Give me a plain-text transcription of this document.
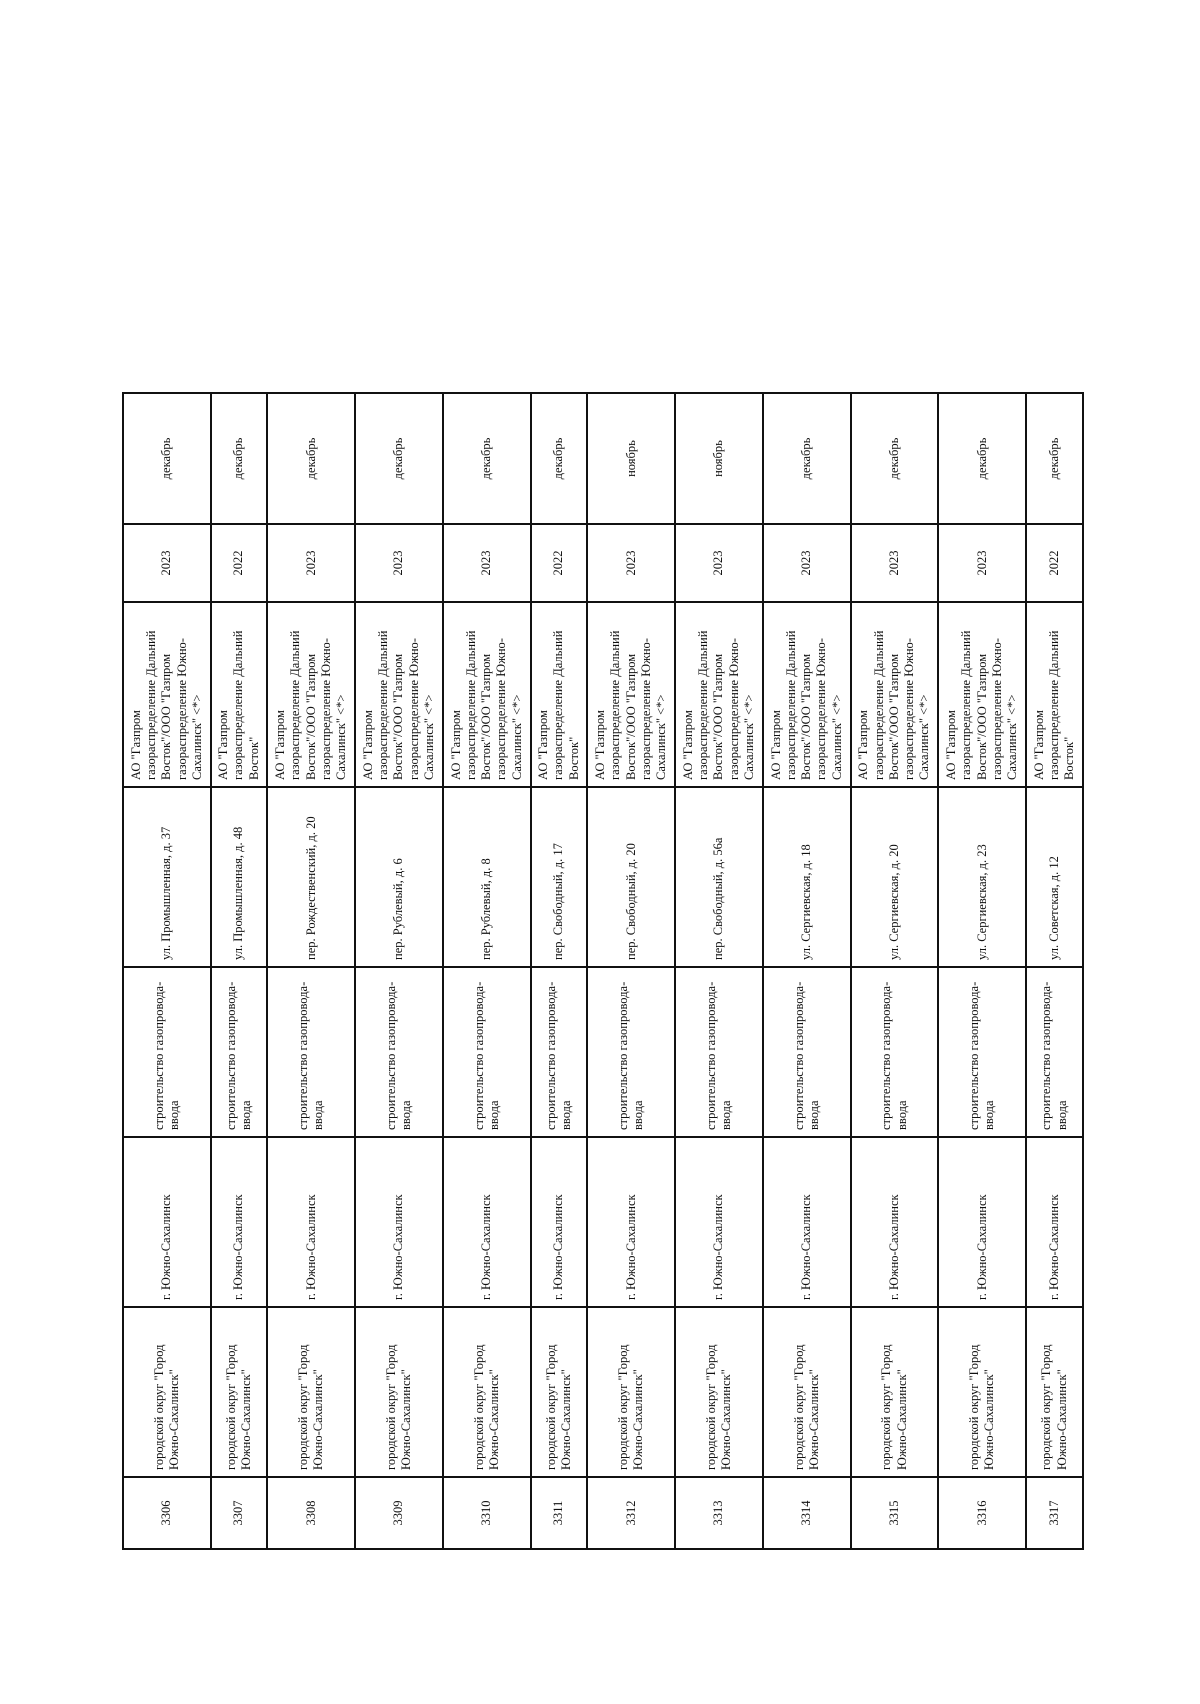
3306	городской округ "Город Южно-Сахалинск"	г. Южно-Сахалинск	строительство газопровода-ввода	ул. Промышленная, д. 37	АО "Газпром газораспределение Дальний Восток"/ООО "Газпром газораспределение Южно-Сахалинск" <*>	2023	декабрь
3307	городской округ "Город Южно-Сахалинск"	г. Южно-Сахалинск	строительство газопровода-ввода	ул. Промышленная, д. 48	АО "Газпром газораспределение Дальний Восток"	2022	декабрь
3308	городской округ "Город Южно-Сахалинск"	г. Южно-Сахалинск	строительство газопровода-ввода	пер. Рождественский, д. 20	АО "Газпром газораспределение Дальний Восток"/ООО "Газпром газораспределение Южно-Сахалинск" <*>	2023	декабрь
3309	городской округ "Город Южно-Сахалинск"	г. Южно-Сахалинск	строительство газопровода-ввода	пер. Рублевый, д. 6	АО "Газпром газораспределение Дальний Восток"/ООО "Газпром газораспределение Южно-Сахалинск" <*>	2023	декабрь
3310	городской округ "Город Южно-Сахалинск"	г. Южно-Сахалинск	строительство газопровода-ввода	пер. Рублевый, д. 8	АО "Газпром газораспределение Дальний Восток"/ООО "Газпром газораспределение Южно-Сахалинск" <*>	2023	декабрь
3311	городской округ "Город Южно-Сахалинск"	г. Южно-Сахалинск	строительство газопровода-ввода	пер. Свободный, д. 17	АО "Газпром газораспределение Дальний Восток"	2022	декабрь
3312	городской округ "Город Южно-Сахалинск"	г. Южно-Сахалинск	строительство газопровода-ввода	пер. Свободный, д. 20	АО "Газпром газораспределение Дальний Восток"/ООО "Газпром газораспределение Южно-Сахалинск" <*>	2023	ноябрь
3313	городской округ "Город Южно-Сахалинск"	г. Южно-Сахалинск	строительство газопровода-ввода	пер. Свободный, д. 56а	АО "Газпром газораспределение Дальний Восток"/ООО "Газпром газораспределение Южно-Сахалинск" <*>	2023	ноябрь
3314	городской округ "Город Южно-Сахалинск"	г. Южно-Сахалинск	строительство газопровода-ввода	ул. Сергиевская, д. 18	АО "Газпром газораспределение Дальний Восток"/ООО "Газпром газораспределение Южно-Сахалинск" <*>	2023	декабрь
3315	городской округ "Город Южно-Сахалинск"	г. Южно-Сахалинск	строительство газопровода-ввода	ул. Сергиевская, д. 20	АО "Газпром газораспределение Дальний Восток"/ООО "Газпром газораспределение Южно-Сахалинск" <*>	2023	декабрь
3316	городской округ "Город Южно-Сахалинск"	г. Южно-Сахалинск	строительство газопровода-ввода	ул. Сергиевская, д. 23	АО "Газпром газораспределение Дальний Восток"/ООО "Газпром газораспределение Южно-Сахалинск" <*>	2023	декабрь
3317	городской округ "Город Южно-Сахалинск"	г. Южно-Сахалинск	строительство газопровода-ввода	ул. Советская, д. 12	АО "Газпром газораспределение Дальний Восток"	2022	декабрь
